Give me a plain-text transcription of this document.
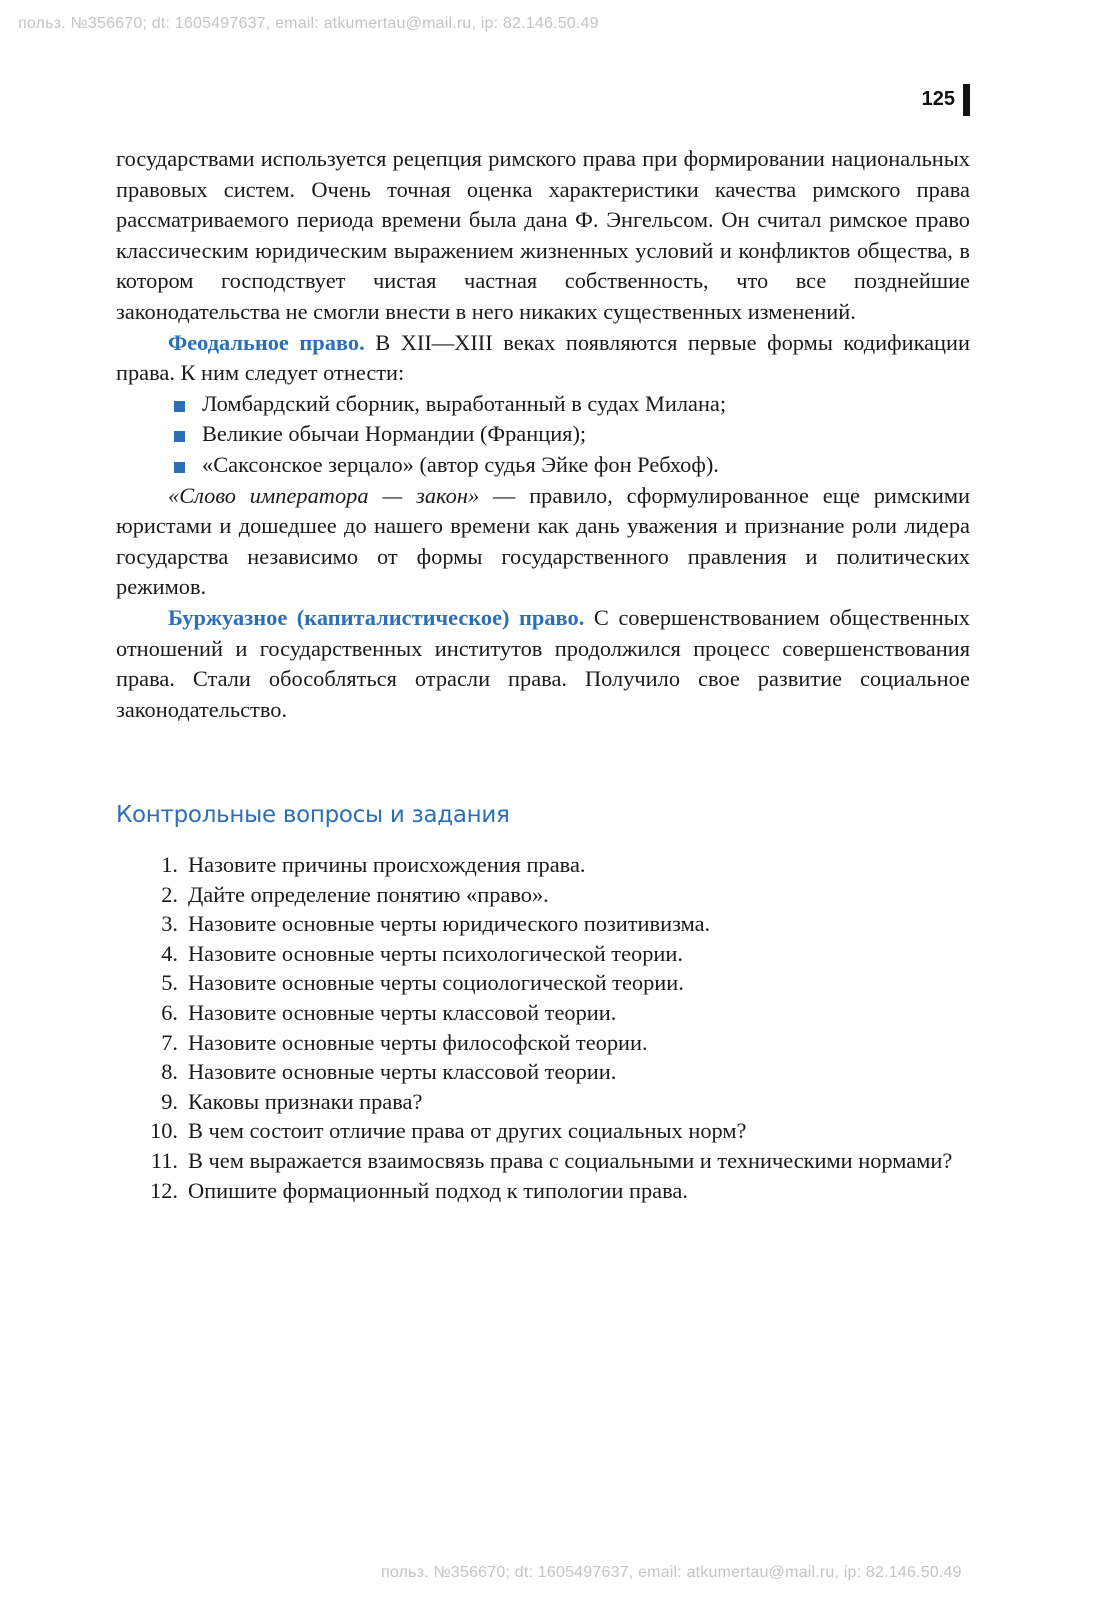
польз. №356670; dt: 1605497637, email: atkumertau@mail.ru, ip: 82.146.50.49
125

государствами используется рецепция римского права при формировании национальных правовых систем. Очень точная оценка характеристики качества римского права рассматриваемого периода времени была дана Ф. Энгельсом. Он считал римское право классическим юридическим выражением жизненных условий и конфликтов общества, в котором господствует чистая частная собственность, что все позднейшие законодательства не смогли внести в него никаких существенных изменений.

Феодальное право. В XII—XIII веках появляются первые формы кодификации права. К ним следует отнести:

Ломбардский сборник, выработанный в судах Милана;
Великие обычаи Нормандии (Франция);
«Саксонское зерцало» (автор судья Эйке фон Ребхоф).

«Слово императора — закон» — правило, сформулированное еще римскими юристами и дошедшее до нашего времени как дань уважения и признание роли лидера государства независимо от формы государственного правления и политических режимов.

Буржуазное (капиталистическое) право. С совершенствованием общественных отношений и государственных институтов продолжился процесс совершенствования права. Стали обособляться отрасли права. Получило свое развитие социальное законодательство.

Контрольные вопросы и задания
1. Назовите причины происхождения права.
2. Дайте определение понятию «право».
3. Назовите основные черты юридического позитивизма.
4. Назовите основные черты психологической теории.
5. Назовите основные черты социологической теории.
6. Назовите основные черты классовой теории.
7. Назовите основные черты философской теории.
8. Назовите основные черты классовой теории.
9. Каковы признаки права?
10. В чем состоит отличие права от других социальных норм?
11. В чем выражается взаимосвязь права с социальными и техническими нормами?
12. Опишите формационный подход к типологии права.
польз. №356670; dt: 1605497637, email: atkumertau@mail.ru, ip: 82.146.50.49
